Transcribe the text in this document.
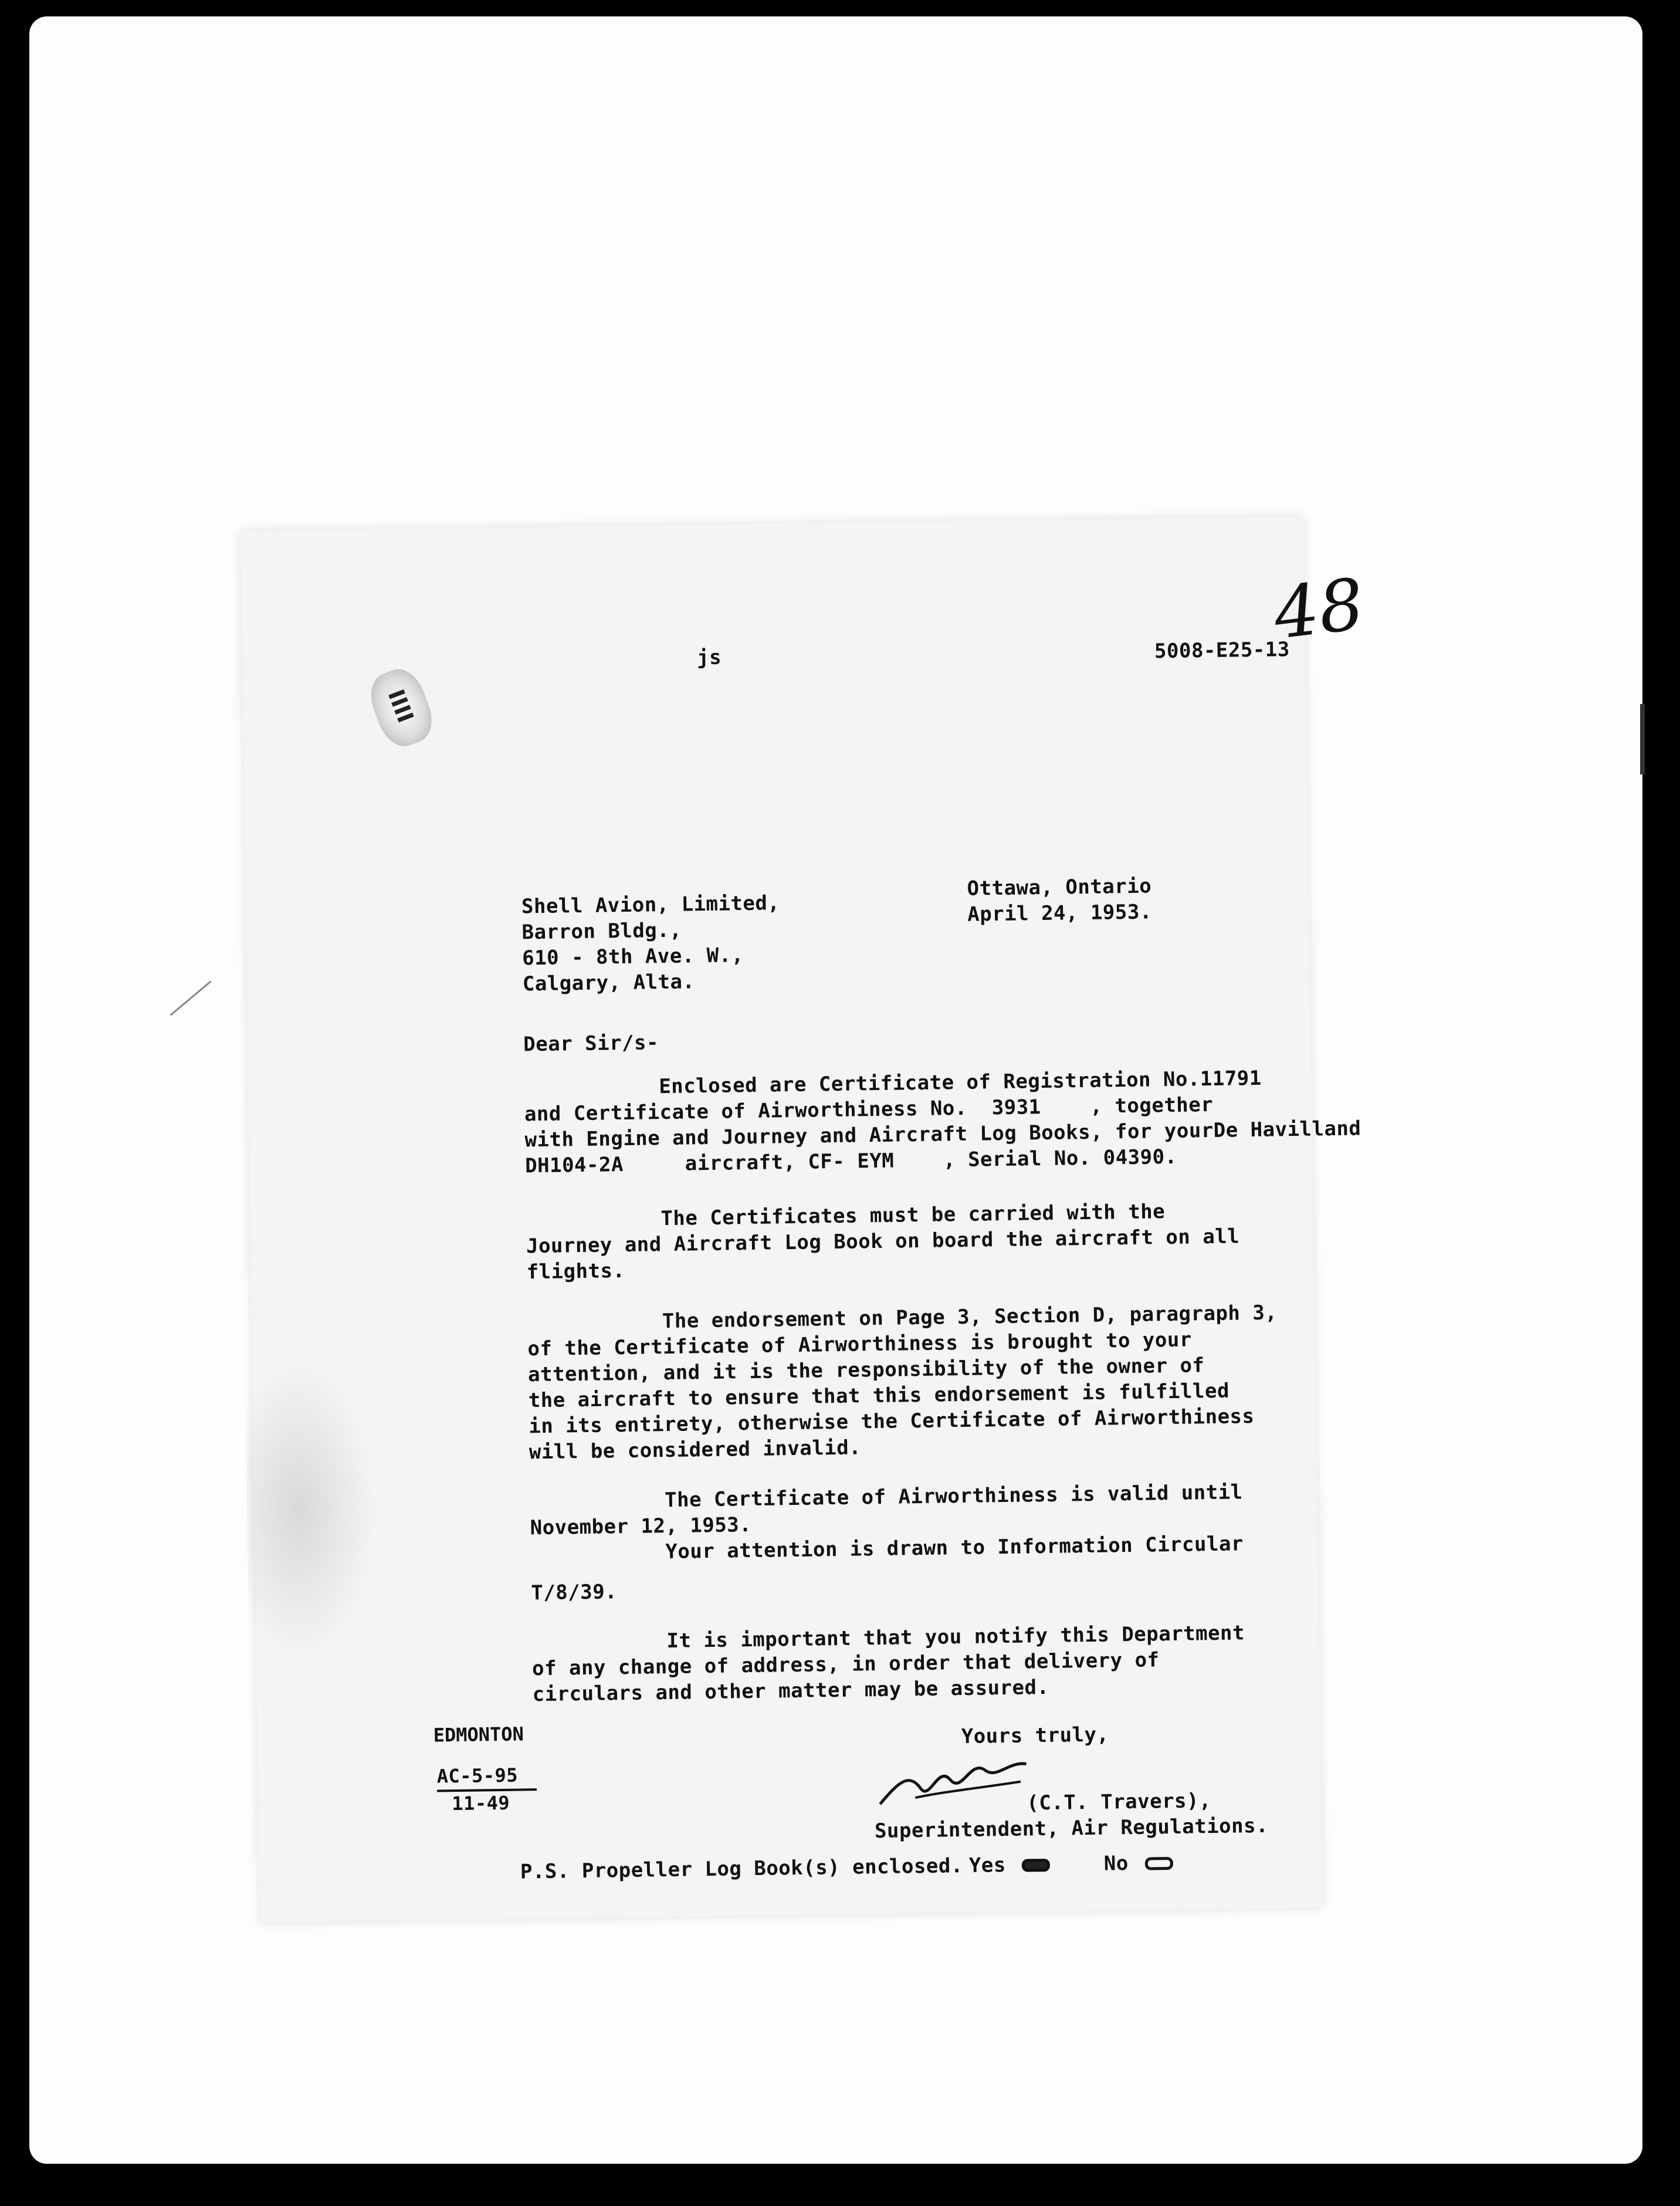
IIII
48
js	5008-E25-13
Shell Avion, Limited,
Barron Bldg.,
610 - 8th Ave. W.,
Calgary, Alta.
Ottawa, Ontario
April 24, 1953.
Dear Sir/s-
Enclosed are Certificate of Registration No.11791
and Certificate of Airworthiness No. 3931 , together
with Engine and Journey and Aircraft Log Books, for yourDe Havilland
DH104-2A	aircraft, CF- EYM , Serial No. 04390.
The Certificates must be carried with the
Journey and Aircraft Log Book on board the aircraft on all
flights.
The endorsement on Page 3, Section D, paragraph 3,
of the Certificate of Airworthiness is brought to your
attention, and it is the responsibility of the owner of
the aircraft to ensure that this endorsement is fulfilled
in its entirety, otherwise the Certificate of Airworthiness
will be considered invalid.
The Certificate of Airworthiness is valid until
November 12, 1953.
Your attention is drawn to Information Circular
T/8/39.
It is important that you notify this Department
of any change of address, in order that delivery of
circulars and other matter may be assured.
Yours truly,
(C.T. Travers),
Superintendent, Air Regulations.
EDMONTON
AC-5-95
11-49
P.S. Propeller Log Book(s) enclosed. Yes	No
